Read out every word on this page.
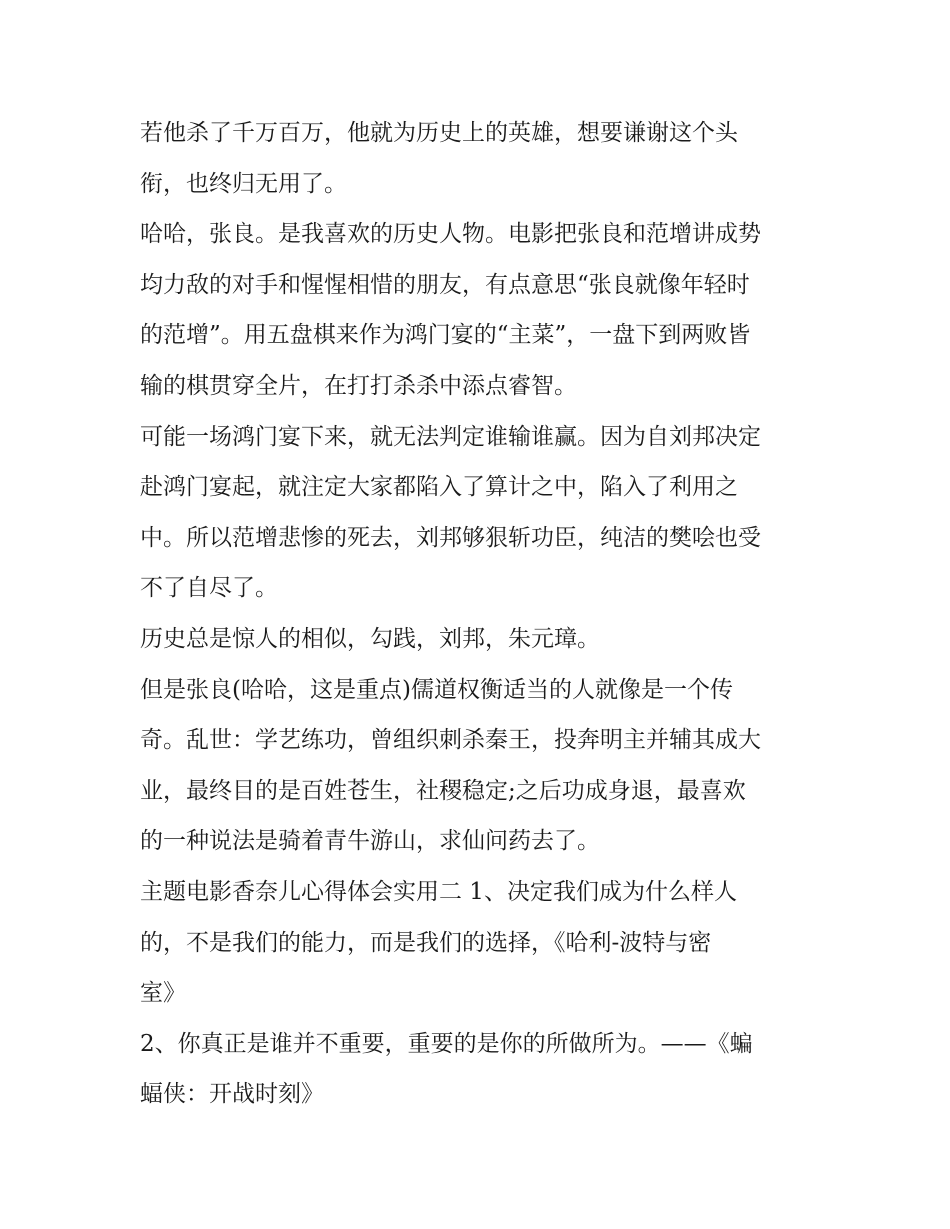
若他杀了千万百万，他就为历史上的英雄，想要谦谢这个头
衔，也终归无用了。

哈哈，张良。是我喜欢的历史人物。电影把张良和范增讲成势
均力敌的对手和惺惺相惜的朋友，有点意思“张良就像年轻时
的范增”。用五盘棋来作为鸿门宴的“主菜”，一盘下到两败皆
输的棋贯穿全片，在打打杀杀中添点睿智。

可能一场鸿门宴下来，就无法判定谁输谁赢。因为自刘邦决定
赴鸿门宴起，就注定大家都陷入了算计之中，陷入了利用之
中。所以范增悲惨的死去，刘邦够狠斩功臣，纯洁的樊哙也受
不了自尽了。

历史总是惊人的相似，勾践，刘邦，朱元璋。

但是张良(哈哈，这是重点)儒道权衡适当的人就像是一个传
奇。乱世：学艺练功，曾组织刺杀秦王，投奔明主并辅其成大
业，最终目的是百姓苍生，社稷稳定;之后功成身退，最喜欢
的一种说法是骑着青牛游山，求仙问药去了。

主题电影香奈儿心得体会实用二 1、决定我们成为什么样人
的，不是我们的能力，而是我们的选择，《哈利-波特与密
室》

2、你真正是谁并不重要，重要的是你的所做所为。——《蝙
蝠侠：开战时刻》
